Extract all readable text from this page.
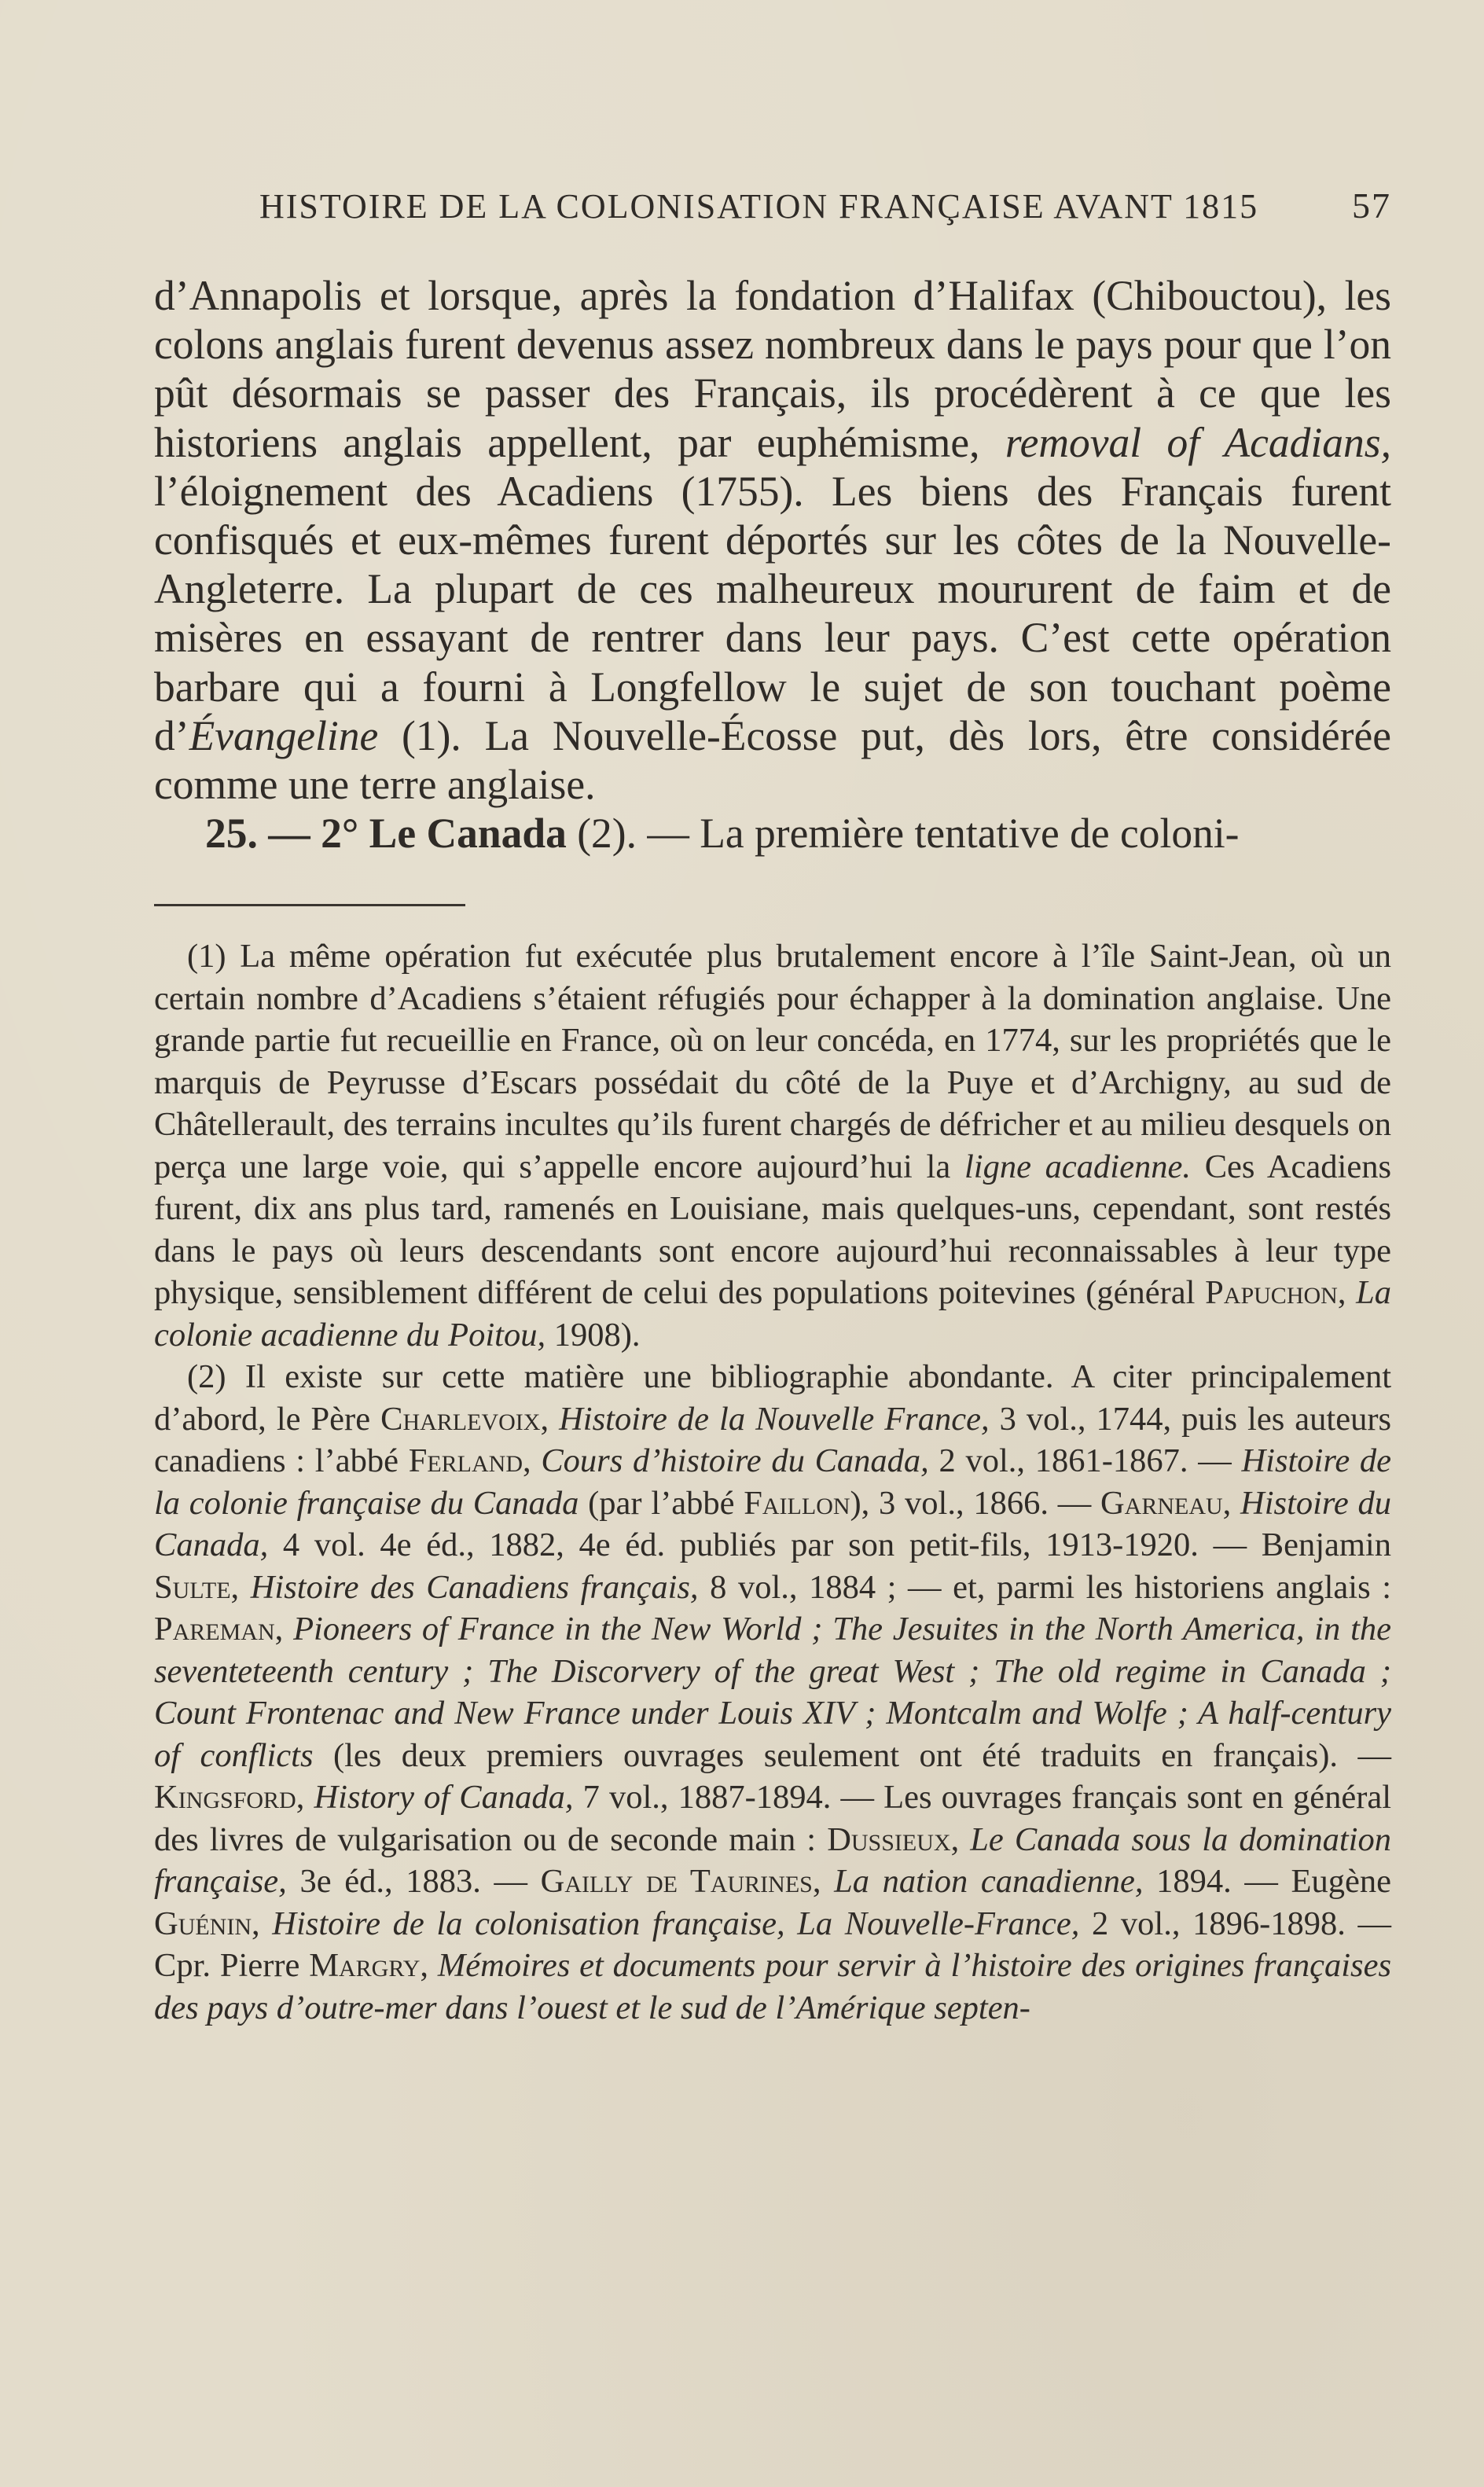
HISTOIRE DE LA COLONISATION FRANÇAISE AVANT 1815	57

d’Annapolis et lorsque, après la fondation d’Halifax (Chibouctou), les colons anglais furent devenus assez nombreux dans le pays pour que l’on pût désormais se passer des Français, ils procédèrent à ce que les historiens anglais appellent, par euphémisme, removal of Acadians, l’éloignement des Acadiens (1755). Les biens des Français furent confisqués et eux-mêmes furent déportés sur les côtes de la Nouvelle-Angleterre. La plupart de ces malheureux moururent de faim et de misères en essayant de rentrer dans leur pays. C’est cette opération barbare qui a fourni à Longfellow le sujet de son touchant poème d’Évangeline (1). La Nouvelle-Écosse put, dès lors, être considérée comme une terre anglaise.

25. — 2° Le Canada (2). — La première tentative de coloni-

(1) La même opération fut exécutée plus brutalement encore à l’île Saint-Jean, où un certain nombre d’Acadiens s’étaient réfugiés pour échapper à la domination anglaise. Une grande partie fut recueillie en France, où on leur concéda, en 1774, sur les propriétés que le marquis de Peyrusse d’Escars possédait du côté de la Puye et d’Archigny, au sud de Châtellerault, des terrains incultes qu’ils furent chargés de défricher et au milieu desquels on perça une large voie, qui s’appelle encore aujourd’hui la ligne acadienne. Ces Acadiens furent, dix ans plus tard, ramenés en Louisiane, mais quelques-uns, cependant, sont restés dans le pays où leurs descendants sont encore aujourd’hui reconnaissables à leur type physique, sensiblement différent de celui des populations poitevines (général Papuchon, La colonie acadienne du Poitou, 1908).

(2) Il existe sur cette matière une bibliographie abondante. A citer principalement d’abord, le Père Charlevoix, Histoire de la Nouvelle France, 3 vol., 1744, puis les auteurs canadiens : l’abbé Ferland, Cours d’histoire du Canada, 2 vol., 1861-1867. — Histoire de la colonie française du Canada (par l’abbé Faillon), 3 vol., 1866. — Garneau, Histoire du Canada, 4 vol. 4e éd., 1882, 4e éd. publiés par son petit-fils, 1913-1920. — Benjamin Sulte, Histoire des Canadiens français, 8 vol., 1884 ; — et, parmi les historiens anglais : Pareman, Pioneers of France in the New World ; The Jesuites in the North America, in the seventeteenth century ; The Discorvery of the great West ; The old regime in Canada ; Count Frontenac and New France under Louis XIV ; Montcalm and Wolfe ; A half-century of conflicts (les deux premiers ouvrages seulement ont été traduits en français). — Kingsford, History of Canada, 7 vol., 1887-1894. — Les ouvrages français sont en général des livres de vulgarisation ou de seconde main : Dussieux, Le Canada sous la domination française, 3e éd., 1883. — Gailly de Taurines, La nation canadienne, 1894. — Eugène Guénin, Histoire de la colonisation française, La Nouvelle-France, 2 vol., 1896-1898. — Cpr. Pierre Margry, Mémoires et documents pour servir à l’histoire des origines françaises des pays d’outre-mer dans l’ouest et le sud de l’Amérique septen-
